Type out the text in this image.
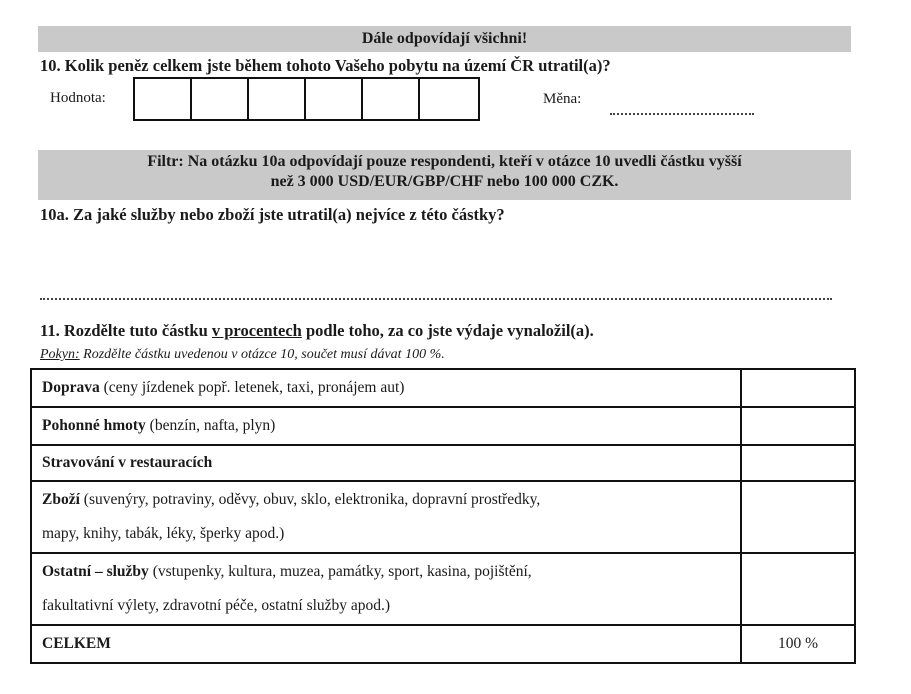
Dále odpovídají všichni!
10. Kolik peněz celkem jste během tohoto Vašeho pobytu na území ČR utratil(a)?
Hodnota:	Měna:
Filtr: Na otázku 10a odpovídají pouze respondenti, kteří v otázce 10 uvedli částku vyšší
než 3 000 USD/EUR/GBP/CHF nebo 100 000 CZK.
10a. Za jaké služby nebo zboží jste utratil(a) nejvíce z této částky?
11. Rozdělte tuto částku v procentech podle toho, za co jste výdaje vynaložil(a).
Pokyn: Rozdělte částku uvedenou v otázce 10, součet musí dávat 100 %.
Doprava (ceny jízdenek popř. letenek, taxi, pronájem aut)	
Pohonné hmoty (benzín, nafta, plyn)	
Stravování v restauracích	
Zboží (suvenýry, potraviny, oděvy, obuv, sklo, elektronika, dopravní prostředky,
mapy, knihy, tabák, léky, šperky apod.)	
Ostatní – služby (vstupenky, kultura, muzea, památky, sport, kasina, pojištění,
fakultativní výlety, zdravotní péče, ostatní služby apod.)	
CELKEM	100 %
